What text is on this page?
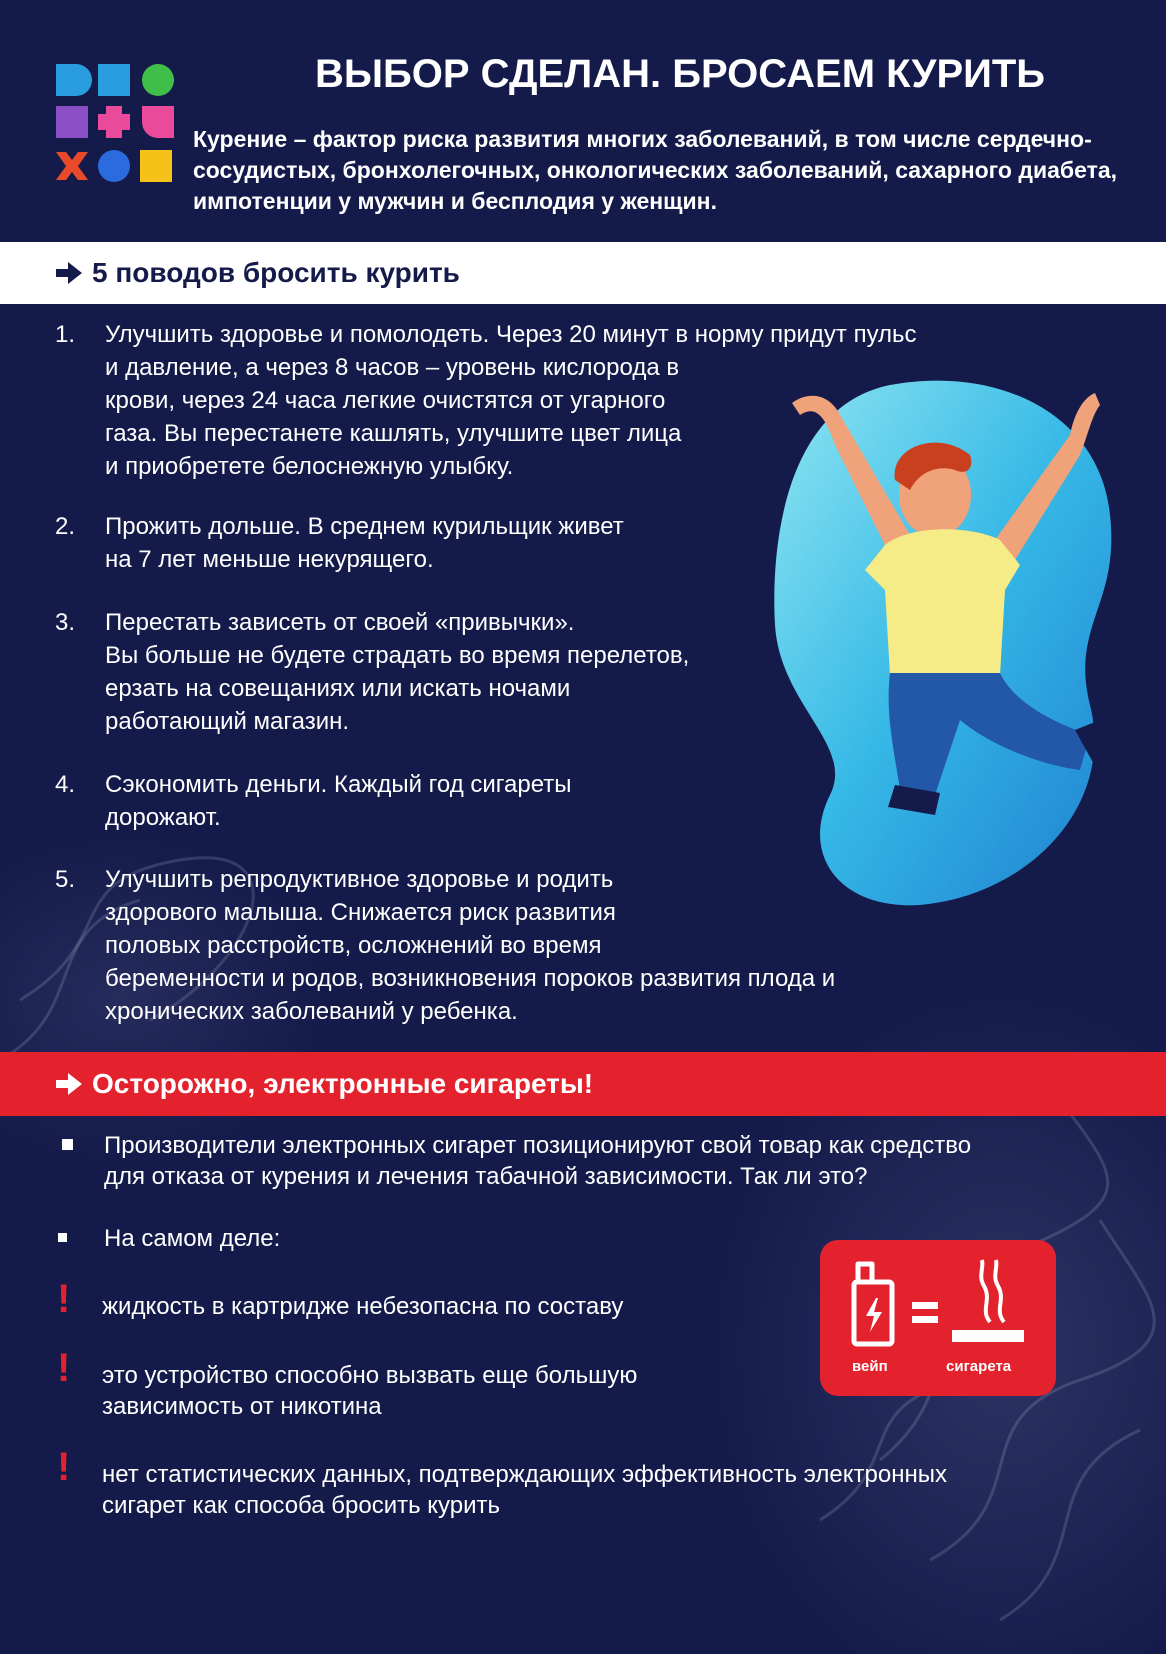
ВЫБОР СДЕЛАН. БРОСАЕМ КУРИТЬ
Курение – фактор риска развития многих заболеваний, в том числе сердечно-сосудистых, бронхолегочных, онкологических заболеваний, сахарного диабета, импотенции у мужчин и бесплодия у женщин.
5 поводов бросить курить
1. Улучшить здоровье и помолодеть. Через 20 минут в норму придут пульс
и давление, а через 8 часов – уровень кислорода в
крови, через 24 часа легкие очистятся от угарного
газа. Вы перестанете кашлять, улучшите цвет лица
и приобретете белоснежную улыбку.
2. Прожить дольше. В среднем курильщик живет
на 7 лет меньше некурящего.
3. Перестать зависеть от своей «привычки».
Вы больше не будете страдать во время перелетов,
ерзать на совещаниях или искать ночами
работающий магазин.
4. Сэкономить деньги. Каждый год сигареты
дорожают.
5. Улучшить репродуктивное здоровье и родить
здорового малыша. Снижается риск развития
половых расстройств, осложнений во время
беременности и родов, возникновения пороков развития плода и
хронических заболеваний у ребенка.
Осторожно, электронные сигареты!
Производители электронных сигарет позиционируют свой товар как средство
для отказа от курения и лечения табачной зависимости. Так ли это?
На самом деле:
! жидкость в картридже небезопасна по составу
! это устройство способно вызвать еще большую
зависимость от никотина
! нет статистических данных, подтверждающих эффективность электронных
сигарет как способа бросить курить
вейп	сигарета
